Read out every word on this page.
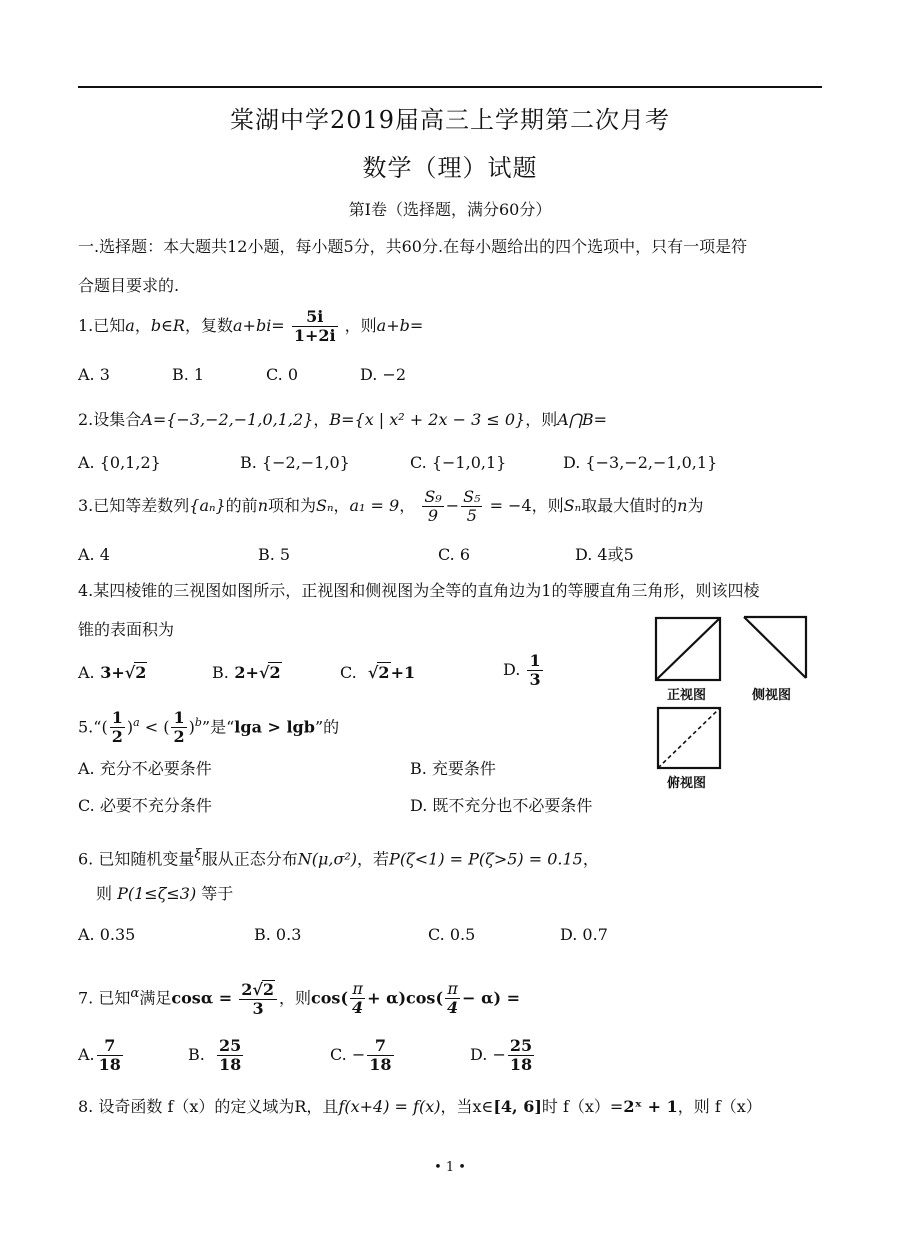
棠湖中学2019届高三上学期第二次月考
数学（理）试题
第I卷（选择题，满分60分）
一.选择题：本大题共12小题，每小题5分，共60分.在每小题给出的四个选项中，只有一项是符
合题目要求的.
1.已知a，b∈R，复数$a+bi= \frac{5i}{1+2i}$ ，则a+b=
A. 3	B. 1	C. 0	D. −2
2.设集合A={−3,−2,−1,0,1,2}，B={x | x² + 2x − 3 ≤ 0}，则A⋂B=
A. {0,1,2}	B. {−2,−1,0}	C. {−1,0,1}	D. {−3,−2,−1,0,1}
3.已知等差数列{aₙ}的前n项和为Sₙ，a₁ = 9， $\frac{\text{S₉}}{9} - \frac{\text{S₅}}{5} = -4$，则Sₙ取最大值时的n为
A. 4	B. 5	C. 6	D. 4或5
4.某四棱锥的三视图如图所示，正视图和侧视图为全等的直角边为1的等腰直角三角形，则该四棱
锥的表面积为
A. 3+√2	B. 2+√2	C.  √2+1	D. $\frac{1}{3}$
正视图	侧视图
俯视图
5.“( $\frac{1}{2} )^a$ < ( $\frac{1}{2} )^b$”是“lga > lgb”的
A. 充分不必要条件	B. 充要条件
C. 必要不充分条件	D. 既不充分也不必要条件
6. 已知随机变量$^\xi$服从正态分布N(μ,σ²)，若P(ζ<1) = P(ζ>5) = 0.15，
则 P(1≤ζ≤3) 等于
A. 0.35	B. 0.3	C. 0.5	D. 0.7
7. 已知$^\alpha$满足$\cos\alpha = \frac{2√2}{3}$ ，则$\cos( \frac{\pi}{4} + \alpha)\cos( \frac{\pi}{4} - \alpha)$ =
A. $\frac{7}{18}$	B. $\frac{25}{18}$	C. − $\frac{7}{18}$	D. − $\frac{25}{18}$
8. 设奇函数 f（x）的定义域为R，且f(x+4) = f(x)，当x∈[4, 6]时 f（x）=2ˣ + 1，则 f（x）
• 1 •
